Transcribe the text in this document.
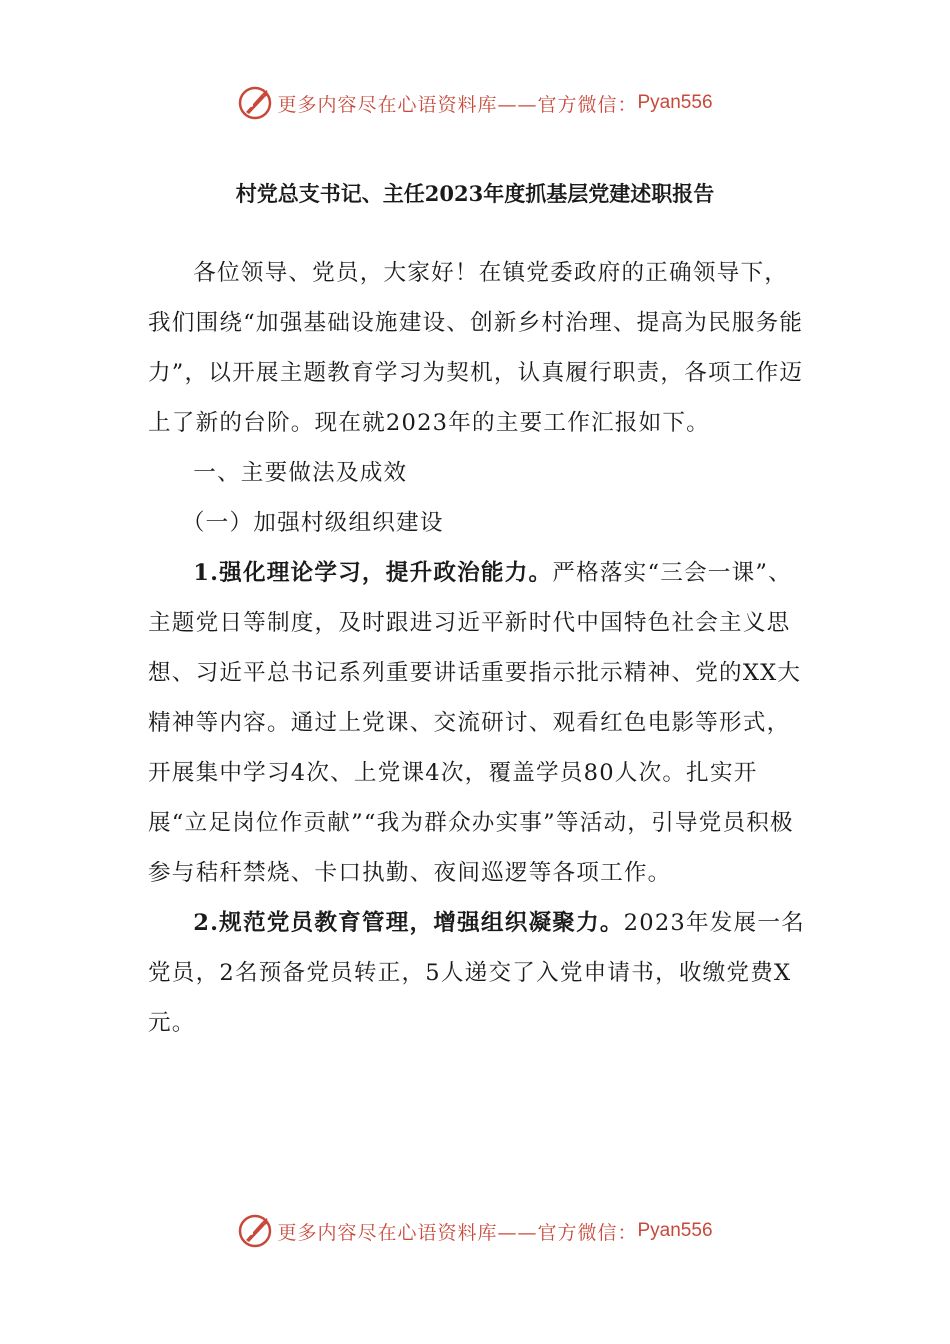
更多内容尽在心语资料库——官方微信： Pyan556
村党总支书记、主任2023年度抓基层党建述职报告

各位领导、党员，大家好！在镇党委政府的正确领导下，我们围绕“加强基础设施建设、创新乡村治理、提高为民服务能力”，以开展主题教育学习为契机，认真履行职责，各项工作迈上了新的台阶。现在就2023年的主要工作汇报如下。

一、主要做法及成效

（一）加强村级组织建设

1.强化理论学习，提升政治能力。严格落实“三会一课”、主题党日等制度，及时跟进习近平新时代中国特色社会主义思想、习近平总书记系列重要讲话重要指示批示精神、党的XX大精神等内容。通过上党课、交流研讨、观看红色电影等形式，开展集中学习4次、上党课4次，覆盖学员80人次。扎实开展“立足岗位作贡献”“我为群众办实事”等活动，引导党员积极参与秸秆禁烧、卡口执勤、夜间巡逻等各项工作。

2.规范党员教育管理，增强组织凝聚力。2023年发展一名党员，2名预备党员转正，5人递交了入党申请书，收缴党费X元。

更多内容尽在心语资料库——官方微信： Pyan556
